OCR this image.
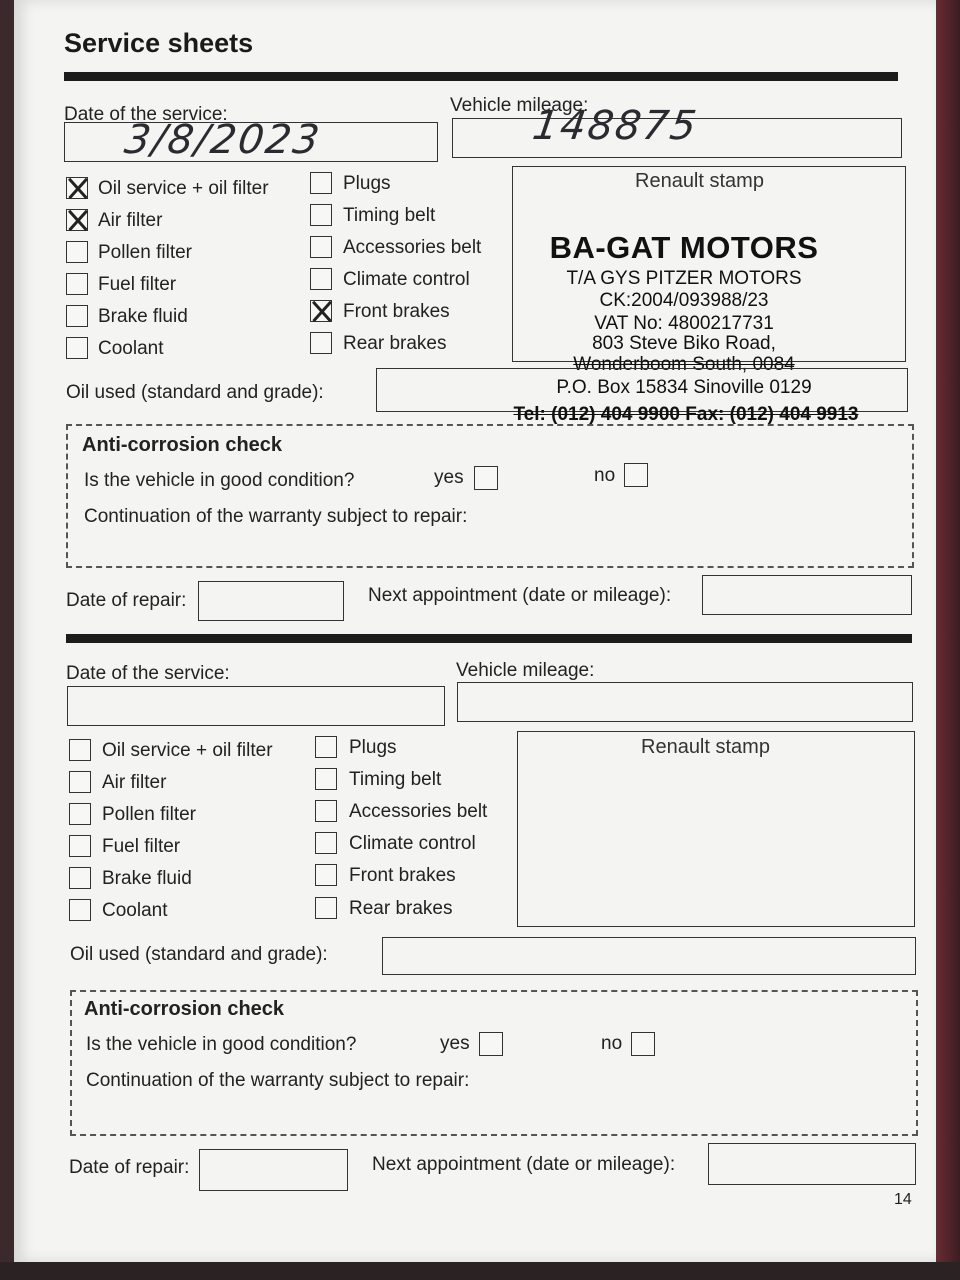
Service sheets
Date of the service:
3/8/2023
Vehicle mileage:
148875
Oil service + oil filter
Air filter
Pollen filter
Fuel filter
Brake fluid
Coolant
Plugs
Timing belt
Accessories belt
Climate control
Front brakes
Rear brakes
Renault stamp
BA-GAT MOTORS
T/A GYS PITZER MOTORS
CK:2004/093988/23
VAT No: 4800217731
803 Steve Biko Road,
Wonderboom South, 0084
Oil used (standard and grade):	P.O. Box 15834 Sinoville 0129
Tel: (012) 404 9900 Fax: (012) 404 9913
Anti-corrosion check
Is the vehicle in good condition?	yes	no
Continuation of the warranty subject to repair:
Date of repair:	Next appointment (date or mileage):
Date of the service:	Vehicle mileage:
Oil service + oil filter
Air filter
Pollen filter
Fuel filter
Brake fluid
Coolant
Plugs
Timing belt
Accessories belt
Climate control
Front brakes
Rear brakes
Renault stamp
Oil used (standard and grade):
Anti-corrosion check
Is the vehicle in good condition?	yes	no
Continuation of the warranty subject to repair:
Date of repair:	Next appointment (date or mileage):
14
